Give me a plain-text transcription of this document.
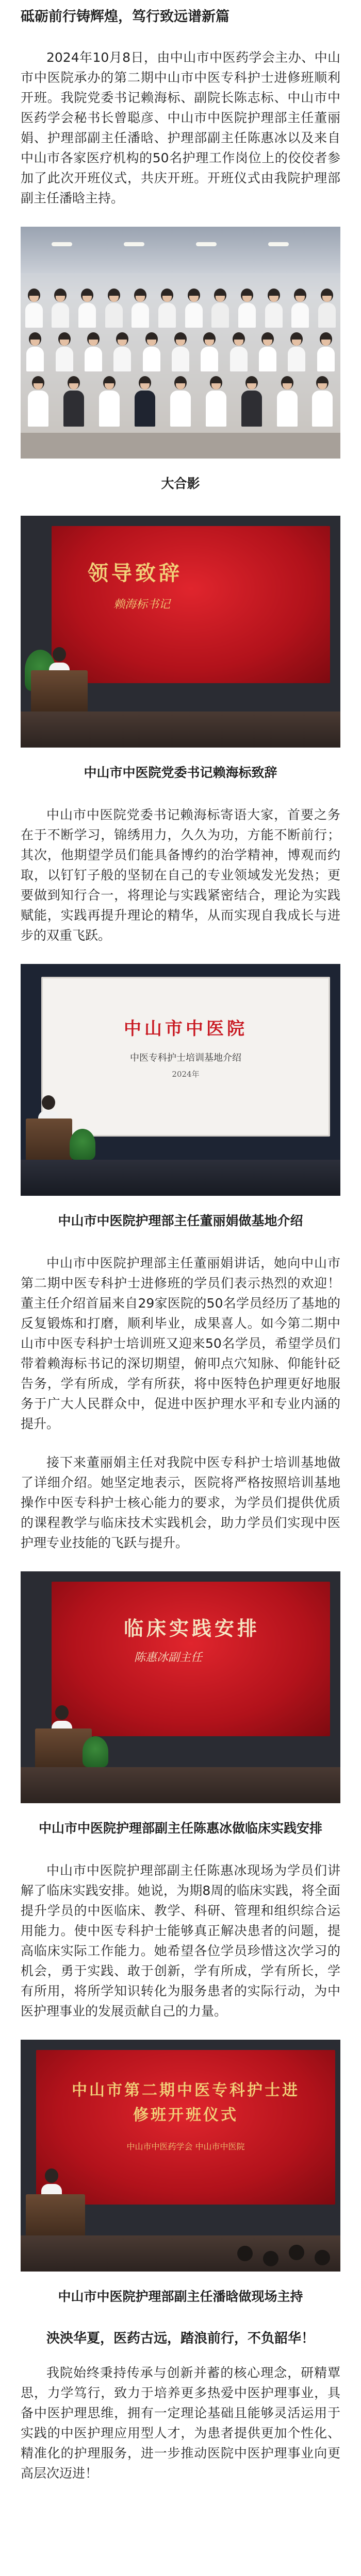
砥砺前行铸辉煌，笃行致远谱新篇

2024年10月8日，由中山市中医药学会主办、中山市中医院承办的第二期中山市中医专科护士进修班顺利开班。我院党委书记赖海标、副院长陈志标、中山市中医药学会秘书长曾聪彦、中山市中医院护理部主任董丽娟、护理部副主任潘晗、护理部副主任陈惠冰以及来自中山市各家医疗机构的50名护理工作岗位上的佼佼者参加了此次开班仪式，共庆开班。开班仪式由我院护理部副主任潘晗主持。

大合影
领导致辞
赖海标书记
中山市中医院党委书记赖海标致辞

中山市中医院党委书记赖海标寄语大家，首要之务在于不断学习，锦绣用力，久久为功，方能不断前行；其次，他期望学员们能具备博约的治学精神，博观而约取，以钉钉子般的坚韧在自己的专业领域发光发热；更要做到知行合一，将理论与实践紧密结合，理论为实践赋能，实践再提升理论的精华，从而实现自我成长与进步的双重飞跃。

中山市中医院
中医专科护士培训基地介绍
2024年
中山市中医院护理部主任董丽娟做基地介绍

中山市中医院护理部主任董丽娟讲话，她向中山市第二期中医专科护士进修班的学员们表示热烈的欢迎！董主任介绍首届来自29家医院的50名学员经历了基地的反复锻炼和打磨，顺利毕业，成果喜人。如今第二期中山市中医专科护士培训班又迎来50名学员，希望学员们带着赖海标书记的深切期望，俯叩点穴知脉、仰能针砭告务，学有所成，学有所获，将中医特色护理更好地服务于广大人民群众中，促进中医护理水平和专业内涵的提升。

接下来董丽娟主任对我院中医专科护士培训基地做了详细介绍。她坚定地表示，医院将严格按照培训基地操作中医专科护士核心能力的要求，为学员们提供优质的课程教学与临床技术实践机会，助力学员们实现中医护理专业技能的飞跃与提升。

临床实践安排
陈惠冰副主任
中山市中医院护理部副主任陈惠冰做临床实践安排

中山市中医院护理部副主任陈惠冰现场为学员们讲解了临床实践安排。她说，为期8周的临床实践，将全面提升学员的中医临床、教学、科研、管理和组织综合运用能力。使中医专科护士能够真正解决患者的问题，提高临床实际工作能力。她希望各位学员珍惜这次学习的机会，勇于实践、敢于创新，学有所成，学有所长，学有所用，将所学知识转化为服务患者的实际行动，为中医护理事业的发展贡献自己的力量。

中山市第二期中医专科护士进修班开班仪式
中山市中医药学会 中山市中医院
中山市中医院护理部副主任潘晗做现场主持
泱泱华夏，医药古远，踏浪前行，不负韶华！

我院始终秉持传承与创新并蓄的核心理念，研精覃思，力学笃行，致力于培养更多热爱中医护理事业，具备中医护理思维，拥有一定理论基础且能够灵活运用于实践的中医护理应用型人才，为患者提供更加个性化、精准化的护理服务，进一步推动医院中医护理事业向更高层次迈进！
